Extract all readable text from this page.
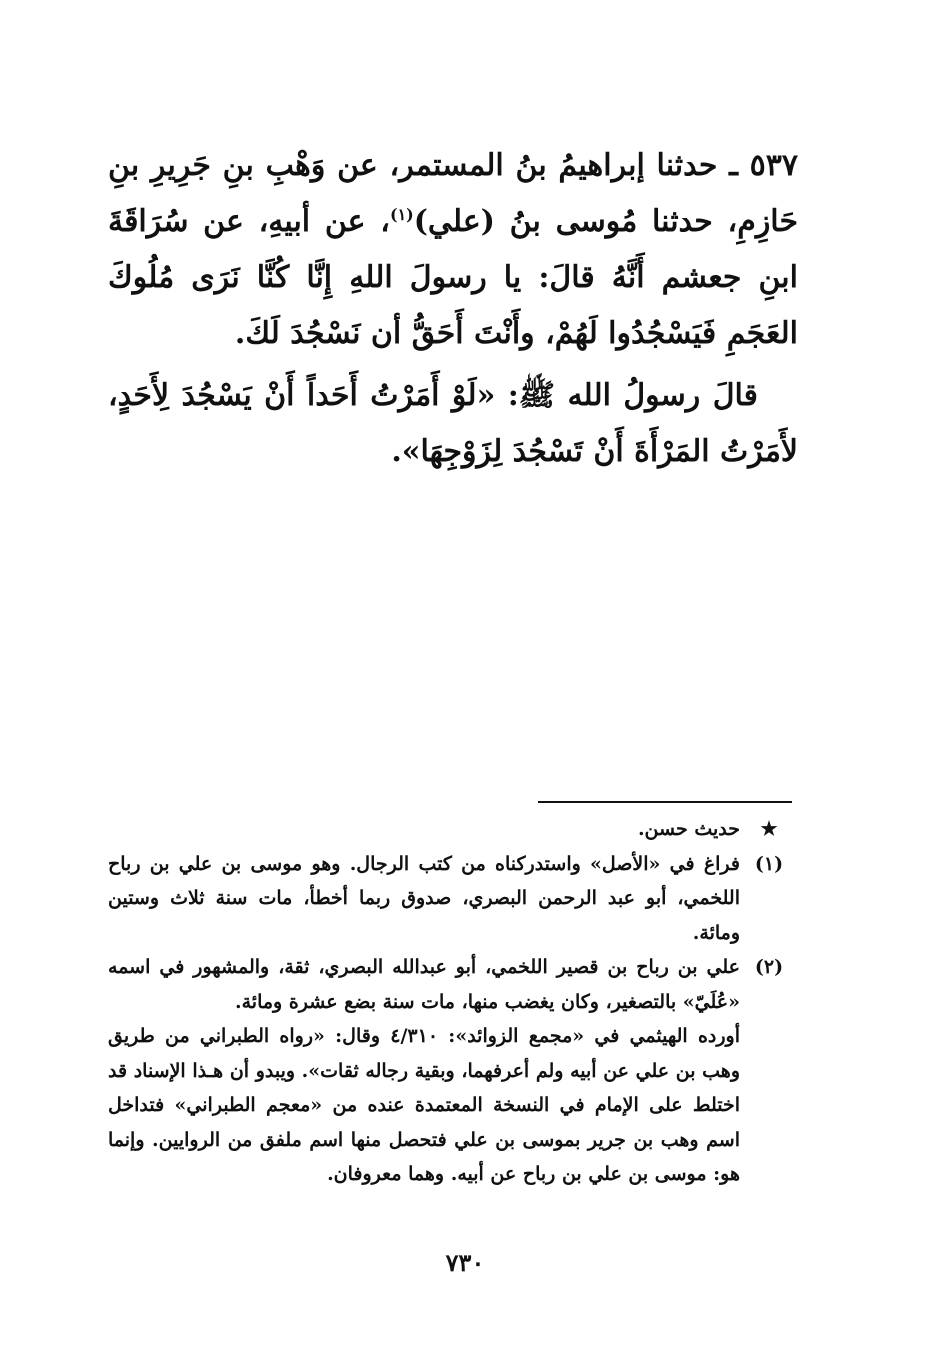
٥٣٧ ـ حدثنا إبراهيمُ بنُ المستمر، عن وَهْبِ بنِ جَرِيرِ بنِ حَازِمِ، حدثنا مُوسى بنُ (علي)$^{(١)}$، عن أبيهِ، عن سُرَاقَةَ ابنِ جعشم أَنَّهُ قالَ: يا رسولَ اللهِ إِنَّا كُنَّا نَرَى مُلُوكَ العَجَمِ فَيَسْجُدُوا لَهُمْ، وأَنْتَ أَحَقُّ أن نَسْجُدَ لَكَ.

قالَ رسولُ الله ﷺ: «لَوْ أَمَرْتُ أَحَداً أَنْ يَسْجُدَ لِأَحَدٍ، لأَمَرْتُ المَرْأَةَ أَنْ تَسْجُدَ لِزَوْجِهَا».

★

حديث حسن.

(١)

فراغ في «الأصل» واستدركناه من كتب الرجال. وهو موسى بن علي بن رباح اللخمي، أبو عبد الرحمن البصري، صدوق ربما أخطأ، مات سنة ثلاث وستين ومائة.

(٢)

علي بن رباح بن قصير اللخمي، أبو عبدالله البصري، ثقة، والمشهور في اسمه «عُلَيّ» بالتصغير، وكان يغضب منها، مات سنة بضع عشرة ومائة.

أورده الهيثمي في «مجمع الزوائد»: ٤/٣١٠ وقال: «رواه الطبراني من طريق وهب بن علي عن أبيه ولم أعرفهما، وبقية رجاله ثقات». ويبدو أن هـذا الإسناد قد اختلط على الإمام في النسخة المعتمدة عنده من «معجم الطبراني» فتداخل اسم وهب بن جرير بموسى بن علي فتحصل منها اسم ملفق من الروايين. وإنما هو: موسى بن علي بن رباح عن أبيه. وهما معروفان.

٧٣٠
